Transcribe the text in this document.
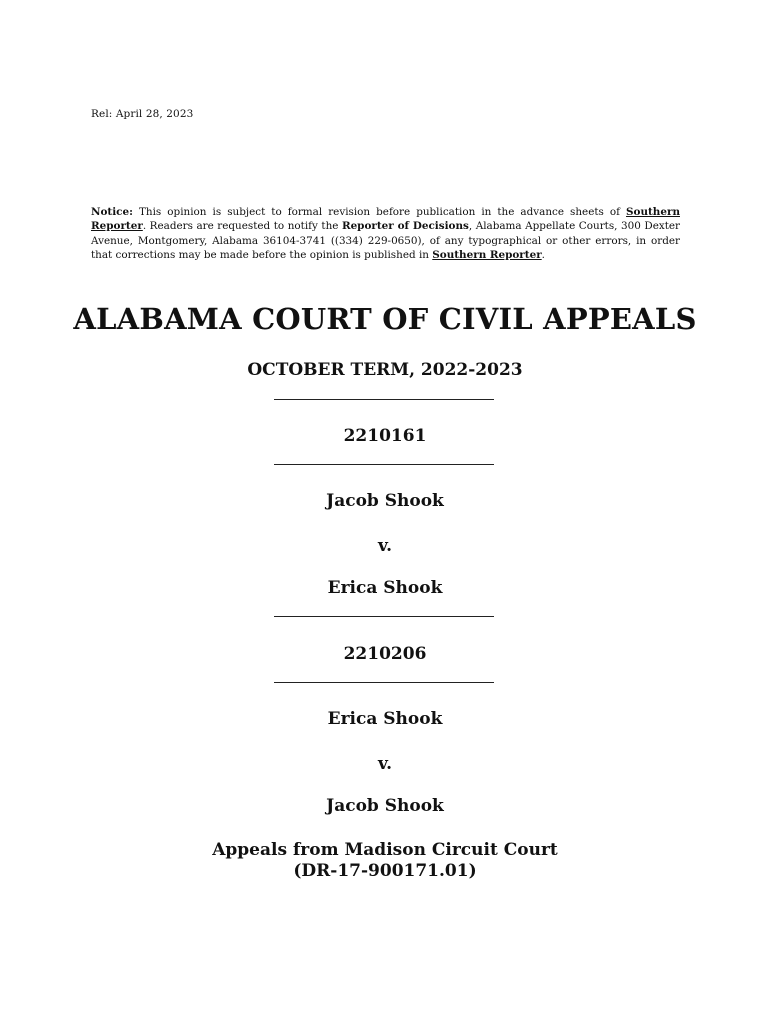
Rel: April 28, 2023
Notice: This opinion is subject to formal revision before publication in the advance sheets of Southern Reporter. Readers are requested to notify the Reporter of Decisions, Alabama Appellate Courts, 300 Dexter Avenue, Montgomery, Alabama 36104-3741 ((334) 229-0650), of any typographical or other errors, in order that corrections may be made before the opinion is published in Southern Reporter.
ALABAMA COURT OF CIVIL APPEALS
OCTOBER TERM, 2022-2023
2210161
Jacob Shook
v.
Erica Shook
2210206
Erica Shook
v.
Jacob Shook
Appeals from Madison Circuit Court
(DR-17-900171.01)
